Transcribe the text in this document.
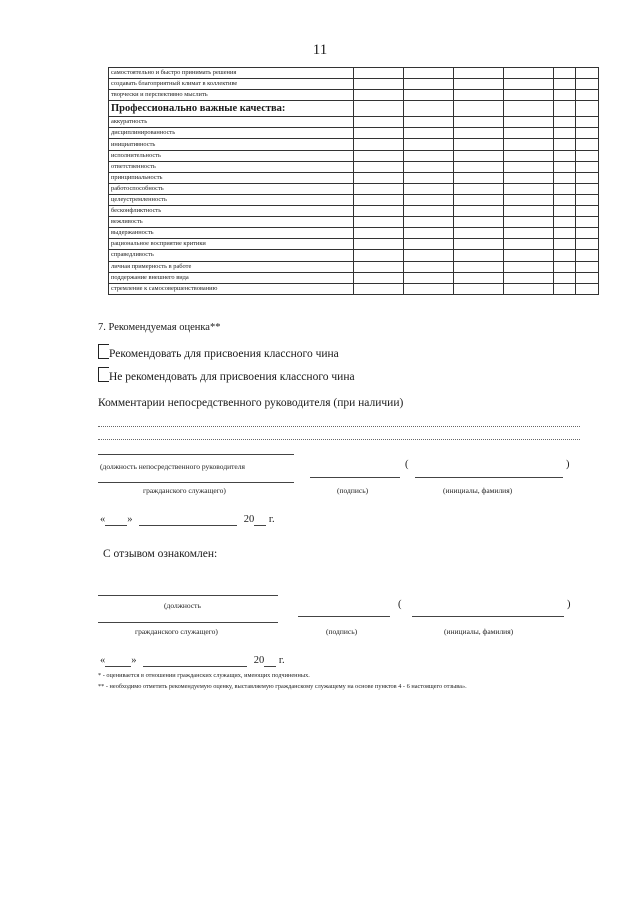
11
самостоятельно и быстро принимать решения						
создавать благоприятный климат в коллективе						
творчески и перспективно мыслить						
Профессионально важные качества:						
аккуратность						
дисциплинированность						
инициативность						
исполнительность						
ответственность						
принципиальность						
работоспособность						
целеустремленность						
бесконфликтность						
вежливость						
выдержанность						
рациональное восприятие критики						
справедливость						
личная примерность в работе						
поддержание внешнего вида						
стремление к самосовершенствованию						
7. Рекомендуемая оценка**
Рекомендовать для присвоения классного чина
Не рекомендовать для присвоения классного чина
Комментарии непосредственного руководителя (при наличии)
(должность непосредственного руководителя	(	)
гражданского служащего)	(подпись)	(инициалы, фамилия)
« »	20 г.
С отзывом ознакомлен:
(должность	(	)
гражданского служащего)	(подпись)	(инициалы, фамилия)
« »	20 г.
* - оценивается в отношении гражданских служащих, имеющих подчиненных.
** - необходимо отметить рекомендуемую оценку, выставляемую гражданскому служащему на основе пунктов 4 - 6 настоящего отзыва».
